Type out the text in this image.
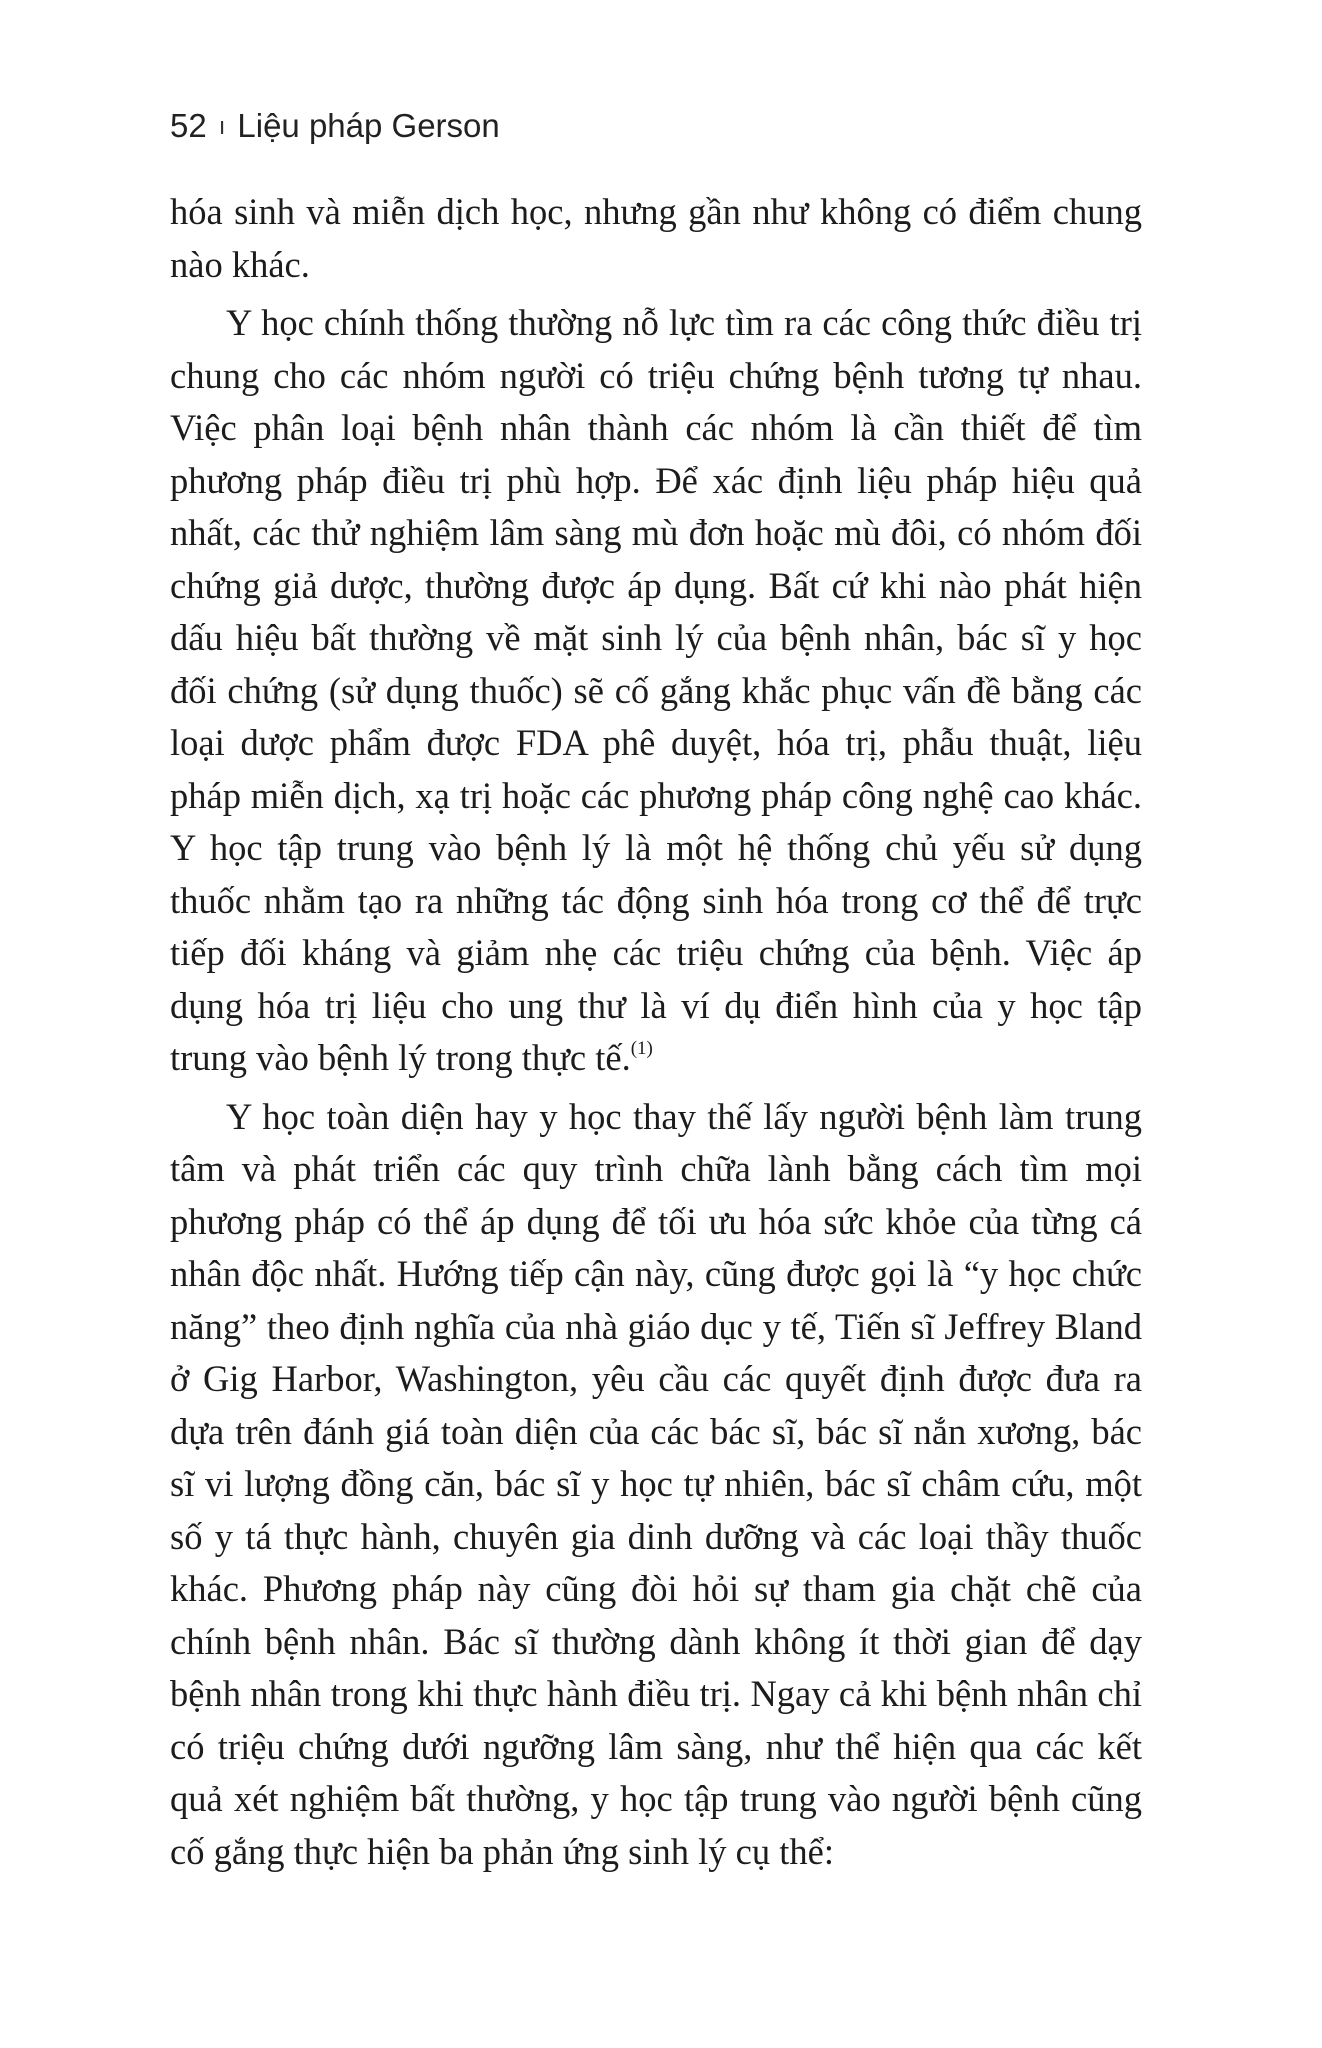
52 ı Liệu pháp Gerson

hóa sinh và miễn dịch học, nhưng gần như không có điểm chung nào khác.

Y học chính thống thường nỗ lực tìm ra các công thức điều trị chung cho các nhóm người có triệu chứng bệnh tương tự nhau. Việc phân loại bệnh nhân thành các nhóm là cần thiết để tìm phương pháp điều trị phù hợp. Để xác định liệu pháp hiệu quả nhất, các thử nghiệm lâm sàng mù đơn hoặc mù đôi, có nhóm đối chứng giả dược, thường được áp dụng. Bất cứ khi nào phát hiện dấu hiệu bất thường về mặt sinh lý của bệnh nhân, bác sĩ y học đối chứng (sử dụng thuốc) sẽ cố gắng khắc phục vấn đề bằng các loại dược phẩm được FDA phê duyệt, hóa trị, phẫu thuật, liệu pháp miễn dịch, xạ trị hoặc các phương pháp công nghệ cao khác. Y học tập trung vào bệnh lý là một hệ thống chủ yếu sử dụng thuốc nhằm tạo ra những tác động sinh hóa trong cơ thể để trực tiếp đối kháng và giảm nhẹ các triệu chứng của bệnh. Việc áp dụng hóa trị liệu cho ung thư là ví dụ điển hình của y học tập trung vào bệnh lý trong thực tế.$^{(1)}$

Y học toàn diện hay y học thay thế lấy người bệnh làm trung tâm và phát triển các quy trình chữa lành bằng cách tìm mọi phương pháp có thể áp dụng để tối ưu hóa sức khỏe của từng cá nhân độc nhất. Hướng tiếp cận này, cũng được gọi là “y học chức năng” theo định nghĩa của nhà giáo dục y tế, Tiến sĩ Jeffrey Bland ở Gig Harbor, Washington, yêu cầu các quyết định được đưa ra dựa trên đánh giá toàn diện của các bác sĩ, bác sĩ nắn xương, bác sĩ vi lượng đồng căn, bác sĩ y học tự nhiên, bác sĩ châm cứu, một số y tá thực hành, chuyên gia dinh dưỡng và các loại thầy thuốc khác. Phương pháp này cũng đòi hỏi sự tham gia chặt chẽ của chính bệnh nhân. Bác sĩ thường dành không ít thời gian để dạy bệnh nhân trong khi thực hành điều trị. Ngay cả khi bệnh nhân chỉ có triệu chứng dưới ngưỡng lâm sàng, như thể hiện qua các kết quả xét nghiệm bất thường, y học tập trung vào người bệnh cũng cố gắng thực hiện ba phản ứng sinh lý cụ thể:
